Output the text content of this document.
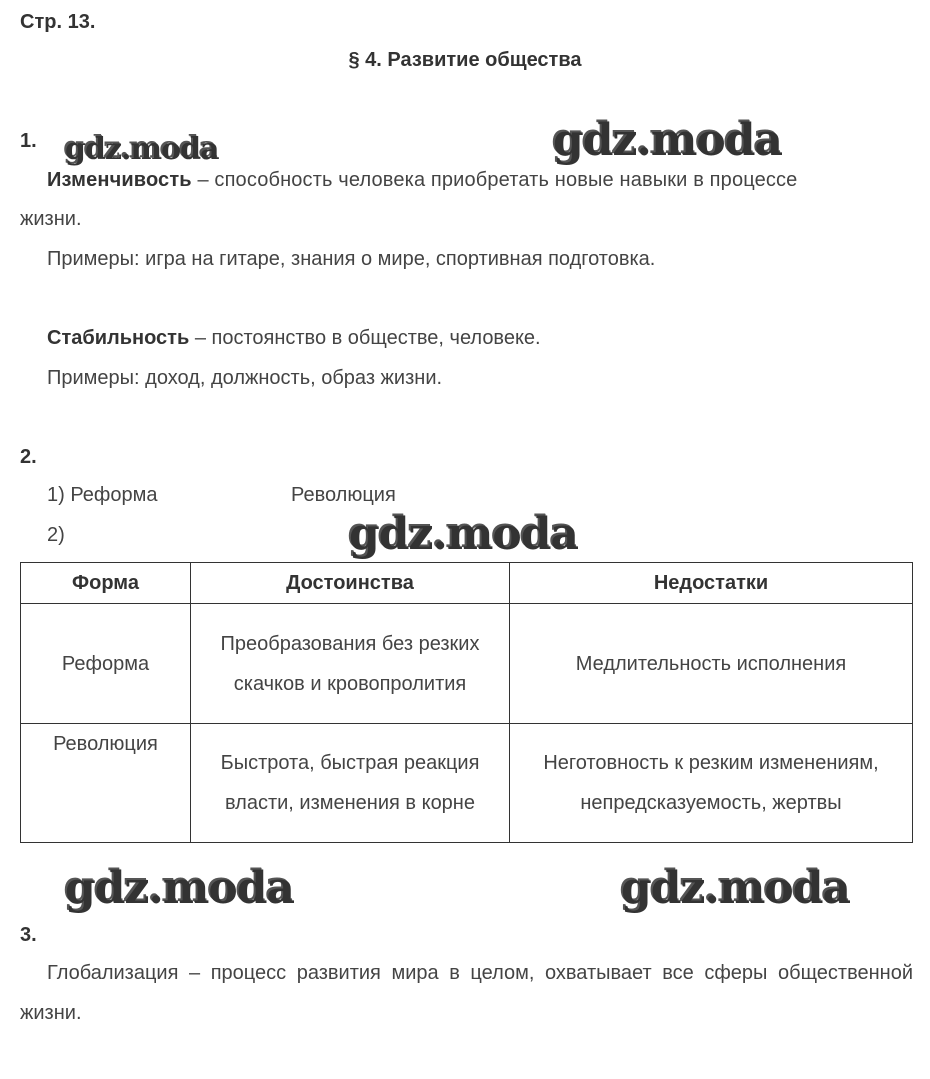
Стр. 13.
§ 4. Развитие общества
gdz.moda	gdz.moda
1.
Изменчивость – способность человека приобретать новые навыки в процессе
жизни.
Примеры: игра на гитаре, знания о мире, спортивная подготовка.
Стабильность – постоянство в обществе, человеке.
Примеры: доход, должность, образ жизни.
2.
1) Реформа	Революция
2)	gdz.moda
Форма	Достоинства	Недостатки
Реформа	Преобразования без резких скачков и кровопролития	Медлительность исполнения
Революция	Быстрота, быстрая реакция власти, изменения в корне	Неготовность к резким изменениям, непредсказуемость, жертвы
gdz.moda	gdz.moda
3.
Глобализация – процесс развития мира в целом, охватывает все сферы общественной жизни.
